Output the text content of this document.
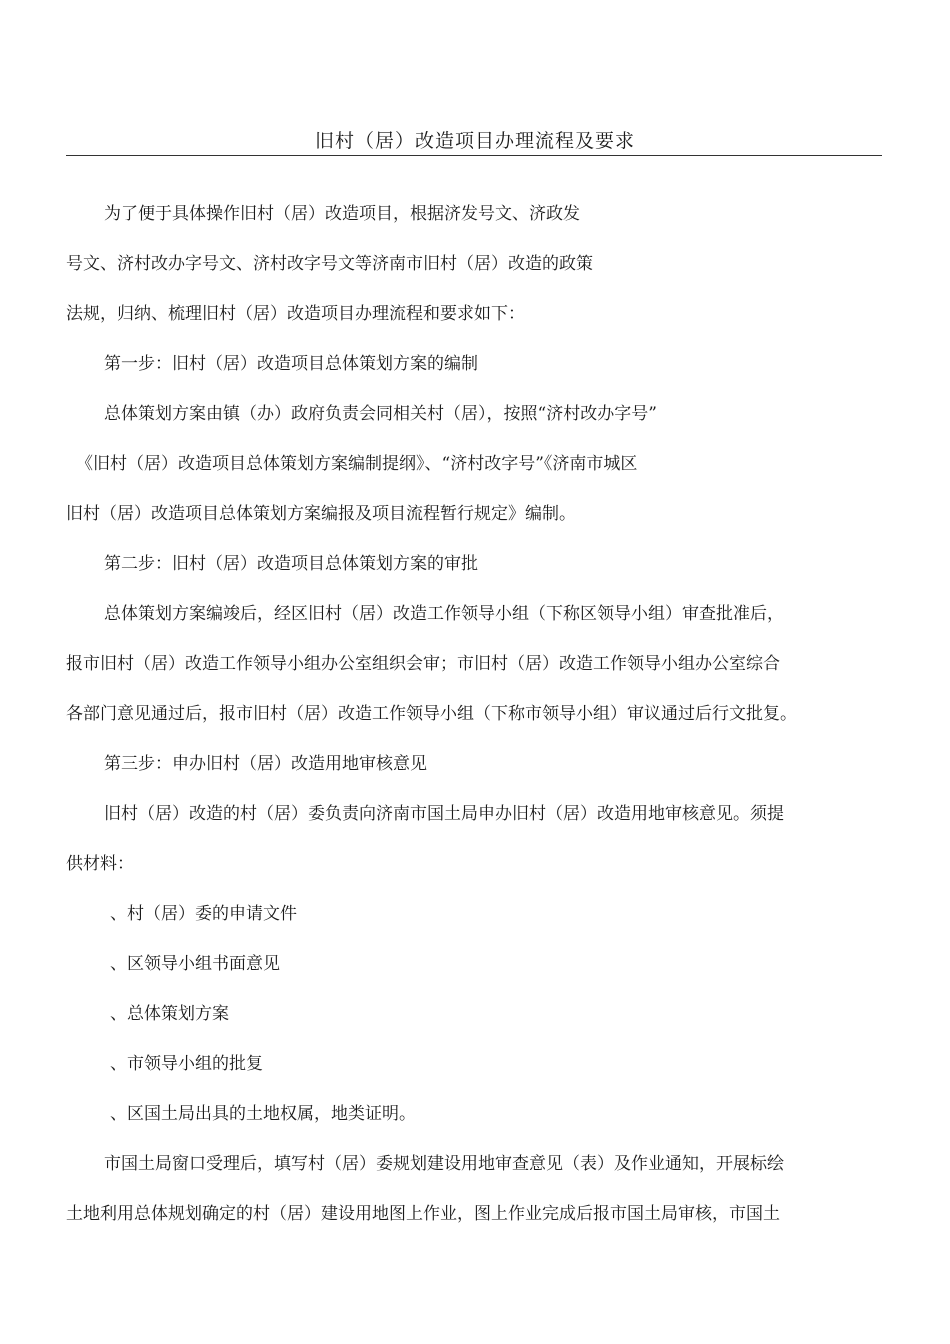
旧村（居）改造项目办理流程及要求
为了便于具体操作旧村（居）改造项目，根据济发号文、济政发
号文、济村改办字号文、济村改字号文等济南市旧村（居）改造的政策
法规，归纳、梳理旧村（居）改造项目办理流程和要求如下：
第一步：旧村（居）改造项目总体策划方案的编制
总体策划方案由镇（办）政府负责会同相关村（居），按照“济村改办字号”
《旧村（居）改造项目总体策划方案编制提纲》、“济村改字号”《济南市城区
旧村（居）改造项目总体策划方案编报及项目流程暂行规定》编制。
第二步：旧村（居）改造项目总体策划方案的审批
总体策划方案编竣后，经区旧村（居）改造工作领导小组（下称区领导小组）审查批准后，
报市旧村（居）改造工作领导小组办公室组织会审；市旧村（居）改造工作领导小组办公室综合
各部门意见通过后，报市旧村（居）改造工作领导小组（下称市领导小组）审议通过后行文批复。
第三步：申办旧村（居）改造用地审核意见
旧村（居）改造的村（居）委负责向济南市国土局申办旧村（居）改造用地审核意见。须提
供材料：
、村（居）委的申请文件
、区领导小组书面意见
、总体策划方案
、市领导小组的批复
、区国土局出具的土地权属，地类证明。
市国土局窗口受理后，填写村（居）委规划建设用地审查意见（表）及作业通知，开展标绘
土地利用总体规划确定的村（居）建设用地图上作业，图上作业完成后报市国土局审核，市国土
